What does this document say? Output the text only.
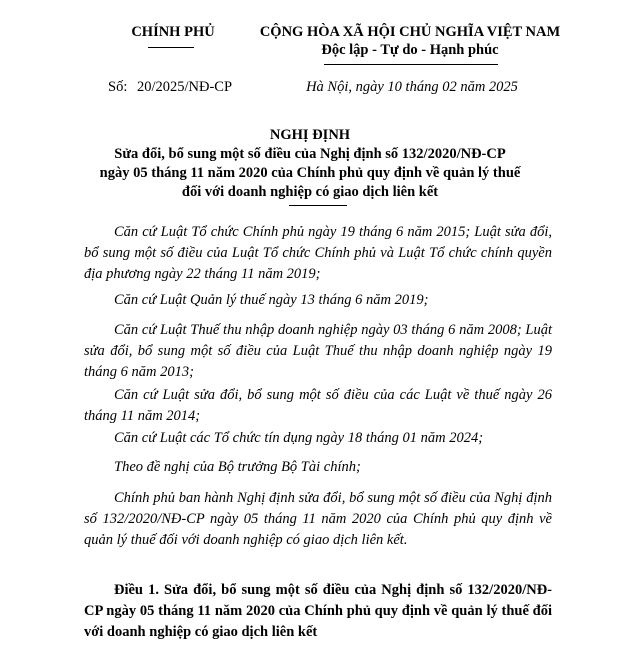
CHÍNH PHỦ	CỘNG HÒA XÃ HỘI CHỦ NGHĨA VIỆT NAM
Độc lập - Tự do - Hạnh phúc
Số: 20/2025/NĐ-CP	Hà Nội, ngày 10 tháng 02 năm 2025
NGHỊ ĐỊNH
Sửa đổi, bổ sung một số điều của Nghị định số 132/2020/NĐ-CP
ngày 05 tháng 11 năm 2020 của Chính phủ quy định về quản lý thuế
đối với doanh nghiệp có giao dịch liên kết
Căn cứ Luật Tổ chức Chính phủ ngày 19 tháng 6 năm 2015; Luật sửa đổi, bổ sung một số điều của Luật Tổ chức Chính phủ và Luật Tổ chức chính quyền địa phương ngày 22 tháng 11 năm 2019;
Căn cứ Luật Quản lý thuế ngày 13 tháng 6 năm 2019;
Căn cứ Luật Thuế thu nhập doanh nghiệp ngày 03 tháng 6 năm 2008; Luật sửa đổi, bổ sung một số điều của Luật Thuế thu nhập doanh nghiệp ngày 19 tháng 6 năm 2013;
Căn cứ Luật sửa đổi, bổ sung một số điều của các Luật về thuế ngày 26 tháng 11 năm 2014;
Căn cứ Luật các Tổ chức tín dụng ngày 18 tháng 01 năm 2024;
Theo đề nghị của Bộ trưởng Bộ Tài chính;
Chính phủ ban hành Nghị định sửa đổi, bổ sung một số điều của Nghị định số 132/2020/NĐ-CP ngày 05 tháng 11 năm 2020 của Chính phủ quy định về quản lý thuế đối với doanh nghiệp có giao dịch liên kết.
Điều 1. Sửa đổi, bổ sung một số điều của Nghị định số 132/2020/NĐ-CP ngày 05 tháng 11 năm 2020 của Chính phủ quy định về quản lý thuế đối với doanh nghiệp có giao dịch liên kết
